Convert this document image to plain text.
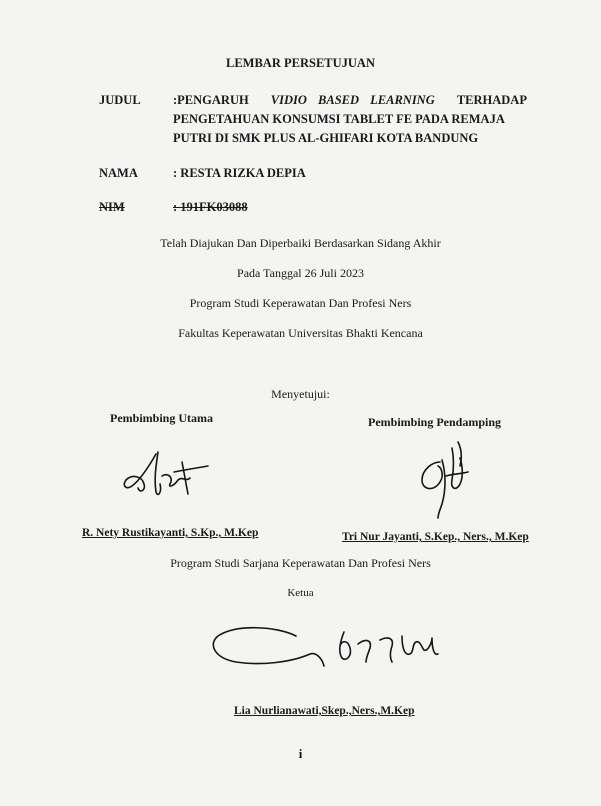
LEMBAR PERSETUJUAN
JUDUL	:PENGARUH VIDIO BASED LEARNING TERHADAP
PENGETAHUAN KONSUMSI TABLET FE PADA REMAJA
PUTRI DI SMK PLUS AL-GHIFARI KOTA BANDUNG
NAMA	: RESTA RIZKA DEPIA
NIM	: 191FK03088
Telah Diajukan Dan Diperbaiki Berdasarkan Sidang Akhir
Pada Tanggal 26 Juli 2023
Program Studi Keperawatan Dan Profesi Ners
Fakultas Keperawatan Universitas Bhakti Kencana
Menyetujui:
Pembimbing Utama	Pembimbing Pendamping
R. Nety Rustikayanti, S.Kp., M.Kep	Tri Nur Jayanti, S.Kep., Ners., M.Kep
Program Studi Sarjana Keperawatan Dan Profesi Ners
Ketua
Lia Nurlianawati,Skep.,Ners.,M.Kep
i
